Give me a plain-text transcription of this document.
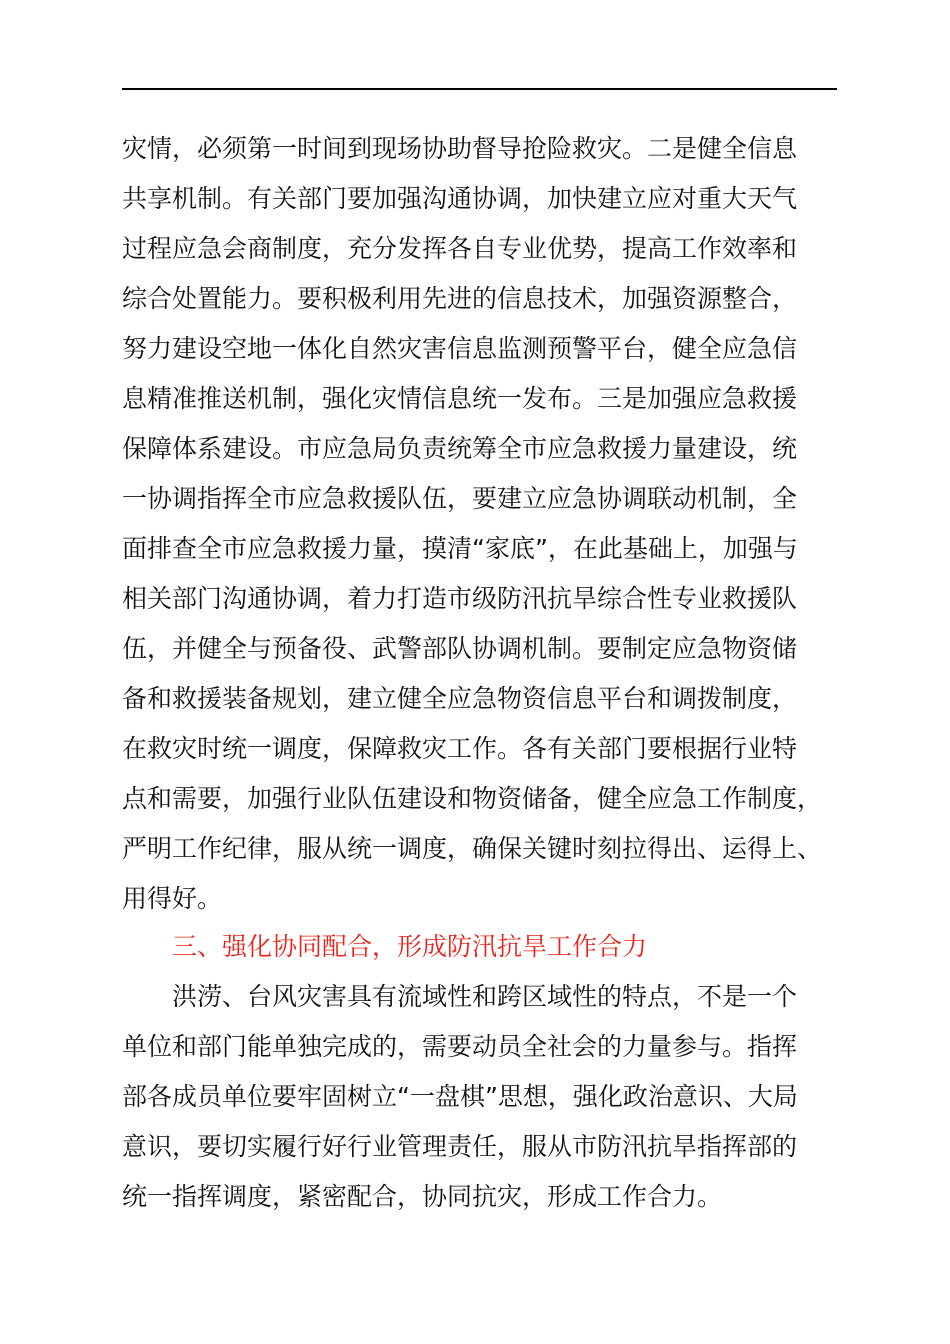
灾情，必须第一时间到现场协助督导抢险救灾。二是健全信息
共享机制。有关部门要加强沟通协调，加快建立应对重大天气
过程应急会商制度，充分发挥各自专业优势，提高工作效率和
综合处置能力。要积极利用先进的信息技术，加强资源整合，
努力建设空地一体化自然灾害信息监测预警平台，健全应急信
息精准推送机制，强化灾情信息统一发布。三是加强应急救援
保障体系建设。市应急局负责统筹全市应急救援力量建设，统
一协调指挥全市应急救援队伍，要建立应急协调联动机制，全
面排查全市应急救援力量，摸清“家底”，在此基础上，加强与
相关部门沟通协调，着力打造市级防汛抗旱综合性专业救援队
伍，并健全与预备役、武警部队协调机制。要制定应急物资储
备和救援装备规划，建立健全应急物资信息平台和调拨制度，
在救灾时统一调度，保障救灾工作。各有关部门要根据行业特
点和需要，加强行业队伍建设和物资储备，健全应急工作制度，
严明工作纪律，服从统一调度，确保关键时刻拉得出、运得上、
用得好。
三、强化协同配合，形成防汛抗旱工作合力
洪涝、台风灾害具有流域性和跨区域性的特点，不是一个
单位和部门能单独完成的，需要动员全社会的力量参与。指挥
部各成员单位要牢固树立“一盘棋”思想，强化政治意识、大局
意识，要切实履行好行业管理责任，服从市防汛抗旱指挥部的
统一指挥调度，紧密配合，协同抗灾，形成工作合力。
